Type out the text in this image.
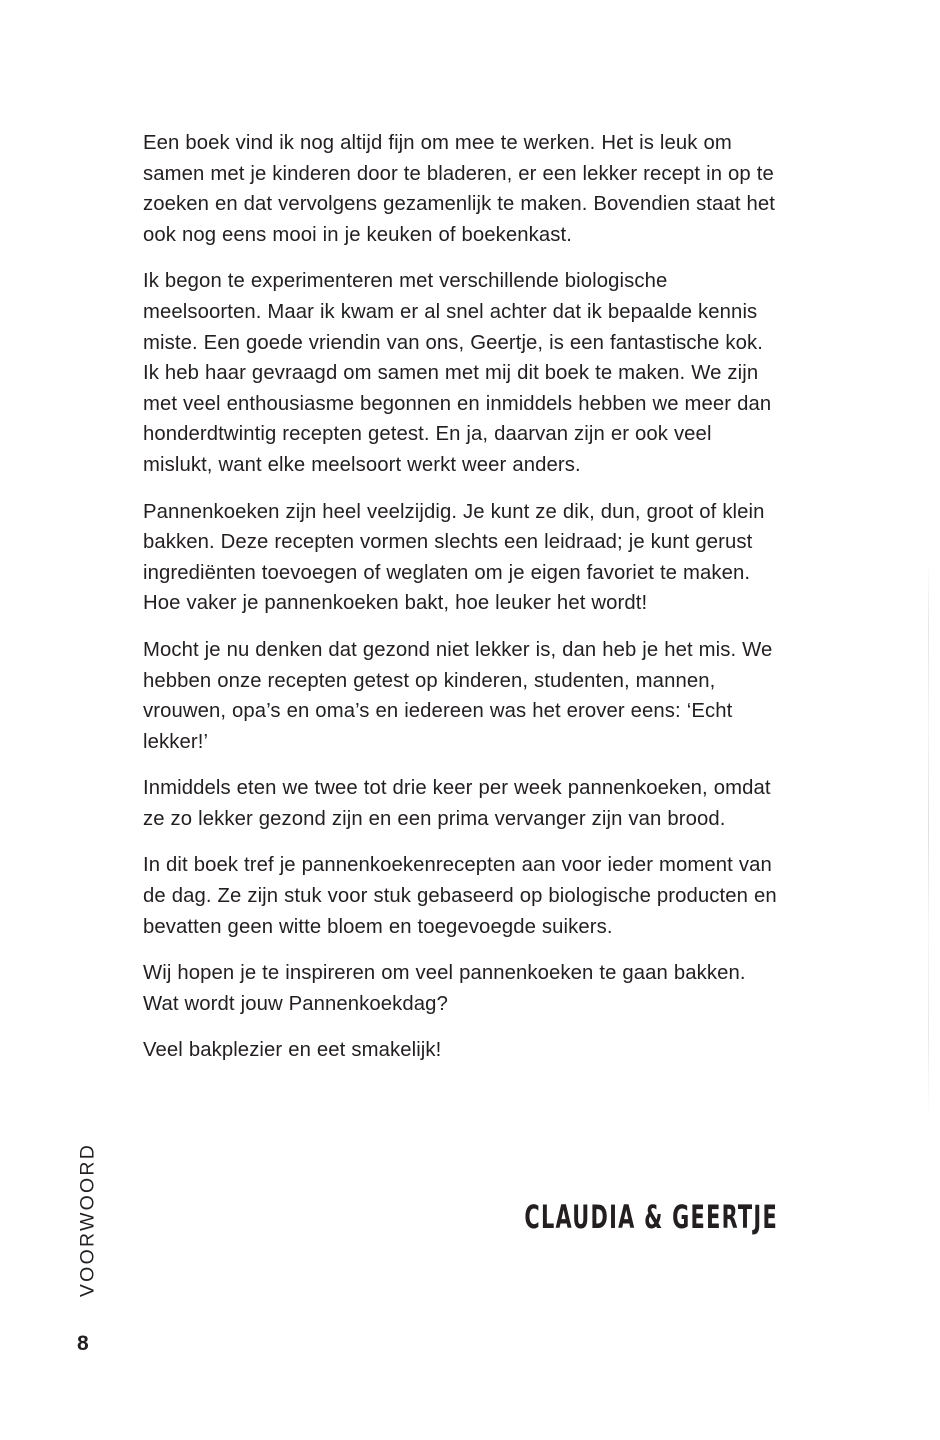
Een boek vind ik nog altijd fijn om mee te werken. Het is leuk om samen met je kinderen door te bladeren, er een lekker recept in op te zoeken en dat vervolgens gezamenlijk te maken. Bovendien staat het ook nog eens mooi in je keuken of boekenkast.

Ik begon te experimenteren met verschillende biologische meelsoorten. Maar ik kwam er al snel achter dat ik bepaalde kennis miste. Een goede vriendin van ons, Geertje, is een fantastische kok. Ik heb haar gevraagd om samen met mij dit boek te maken. We zijn met veel enthousiasme begonnen en inmiddels hebben we meer dan honderdtwintig recepten getest. En ja, daarvan zijn er ook veel mislukt, want elke meelsoort werkt weer anders.

Pannenkoeken zijn heel veelzijdig. Je kunt ze dik, dun, groot of klein bakken. Deze recepten vormen slechts een leidraad; je kunt gerust ingrediënten toevoegen of weglaten om je eigen favoriet te maken. Hoe vaker je pannenkoeken bakt, hoe leuker het wordt!

Mocht je nu denken dat gezond niet lekker is, dan heb je het mis. We hebben onze recepten getest op kinderen, studenten, mannen, vrouwen, opa’s en oma’s en iedereen was het erover eens: ‘Echt lekker!’

Inmiddels eten we twee tot drie keer per week pannenkoeken, omdat ze zo lekker gezond zijn en een prima vervanger zijn van brood.

In dit boek tref je pannenkoekenrecepten aan voor ieder moment van de dag. Ze zijn stuk voor stuk gebaseerd op biologische producten en bevatten geen witte bloem en toegevoegde suikers.

Wij hopen je te inspireren om veel pannenkoeken te gaan bakken. Wat wordt jouw Pannenkoekdag?

Veel bakplezier en eet smakelijk!

CLAUDIA & GEERTJE
VOORWOORD
8
